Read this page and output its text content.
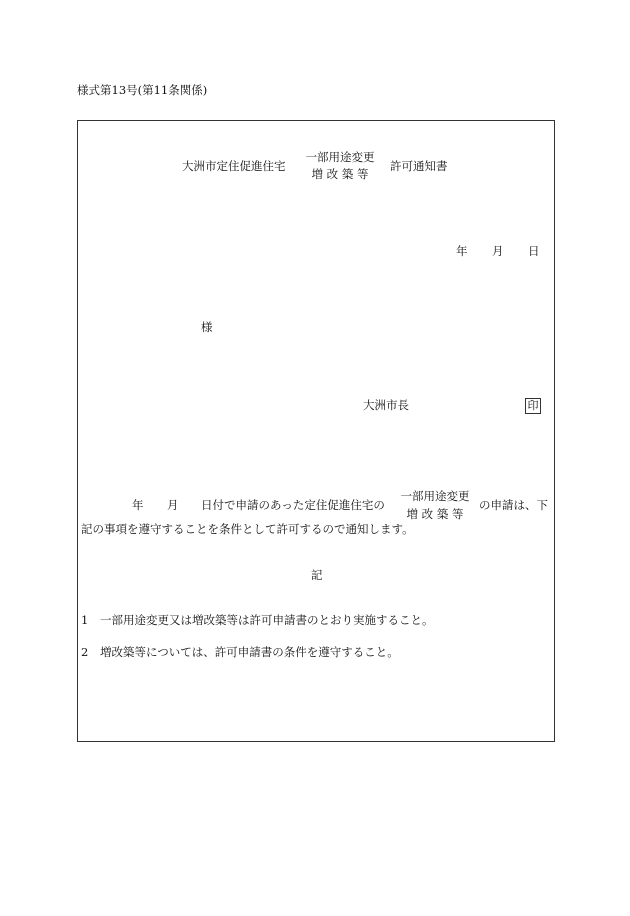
様式第13号(第11条関係)
大洲市定住促進住宅
一部用途変更
増 改 築 等
許可通知書
年 月 日
様
大洲市長	印
年 月 日付で申請のあった定住促進住宅の
一部用途変更
増 改 築 等
の申請は、下
記の事項を遵守することを条件として許可するので通知します。
記
1 一部用途変更又は増改築等は許可申請書のとおり実施すること。
2 増改築等については、許可申請書の条件を遵守すること。
